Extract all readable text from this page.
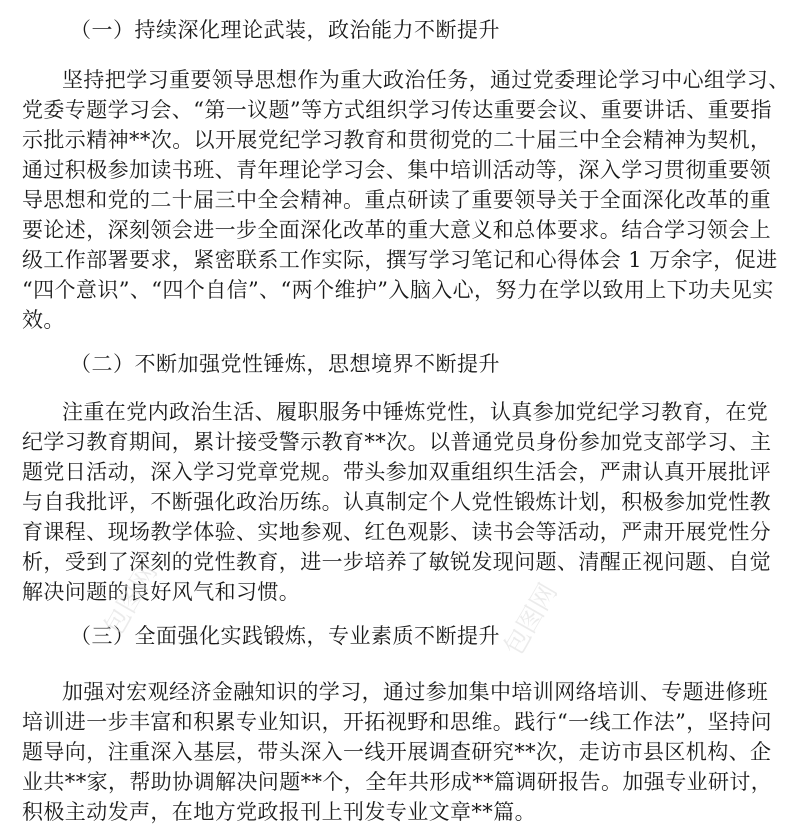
（一）持续深化理论武装，政治能力不断提升
坚持把学习重要领导思想作为重大政治任务，通过党委理论学习中心组学习、
党委专题学习会、“第一议题”等方式组织学习传达重要会议、重要讲话、重要指
示批示精神**次。以开展党纪学习教育和贯彻党的二十届三中全会精神为契机，
通过积极参加读书班、青年理论学习会、集中培训活动等，深入学习贯彻重要领
导思想和党的二十届三中全会精神。重点研读了重要领导关于全面深化改革的重
要论述，深刻领会进一步全面深化改革的重大意义和总体要求。结合学习领会上
级工作部署要求，紧密联系工作实际，撰写学习笔记和心得体会 1 万余字，促进
“四个意识”、“四个自信”、“两个维护”入脑入心，努力在学以致用上下功夫见实
效。
（二）不断加强党性锤炼，思想境界不断提升
注重在党内政治生活、履职服务中锤炼党性，认真参加党纪学习教育，在党
纪学习教育期间，累计接受警示教育**次。以普通党员身份参加党支部学习、主
题党日活动，深入学习党章党规。带头参加双重组织生活会，严肃认真开展批评
与自我批评，不断强化政治历练。认真制定个人党性锻炼计划，积极参加党性教
育课程、现场教学体验、实地参观、红色观影、读书会等活动，严肃开展党性分
析，受到了深刻的党性教育，进一步培养了敏锐发现问题、清醒正视问题、自觉
解决问题的良好风气和习惯。
（三）全面强化实践锻炼，专业素质不断提升
加强对宏观经济金融知识的学习，通过参加集中培训网络培训、专题进修班
培训进一步丰富和积累专业知识，开拓视野和思维。践行“一线工作法”，坚持问
题导向，注重深入基层，带头深入一线开展调查研究**次，走访市县区机构、企
业共**家，帮助协调解决问题**个，全年共形成**篇调研报告。加强专业研讨，
积极主动发声，在地方党政报刊上刊发专业文章**篇。
包图网	包图网
